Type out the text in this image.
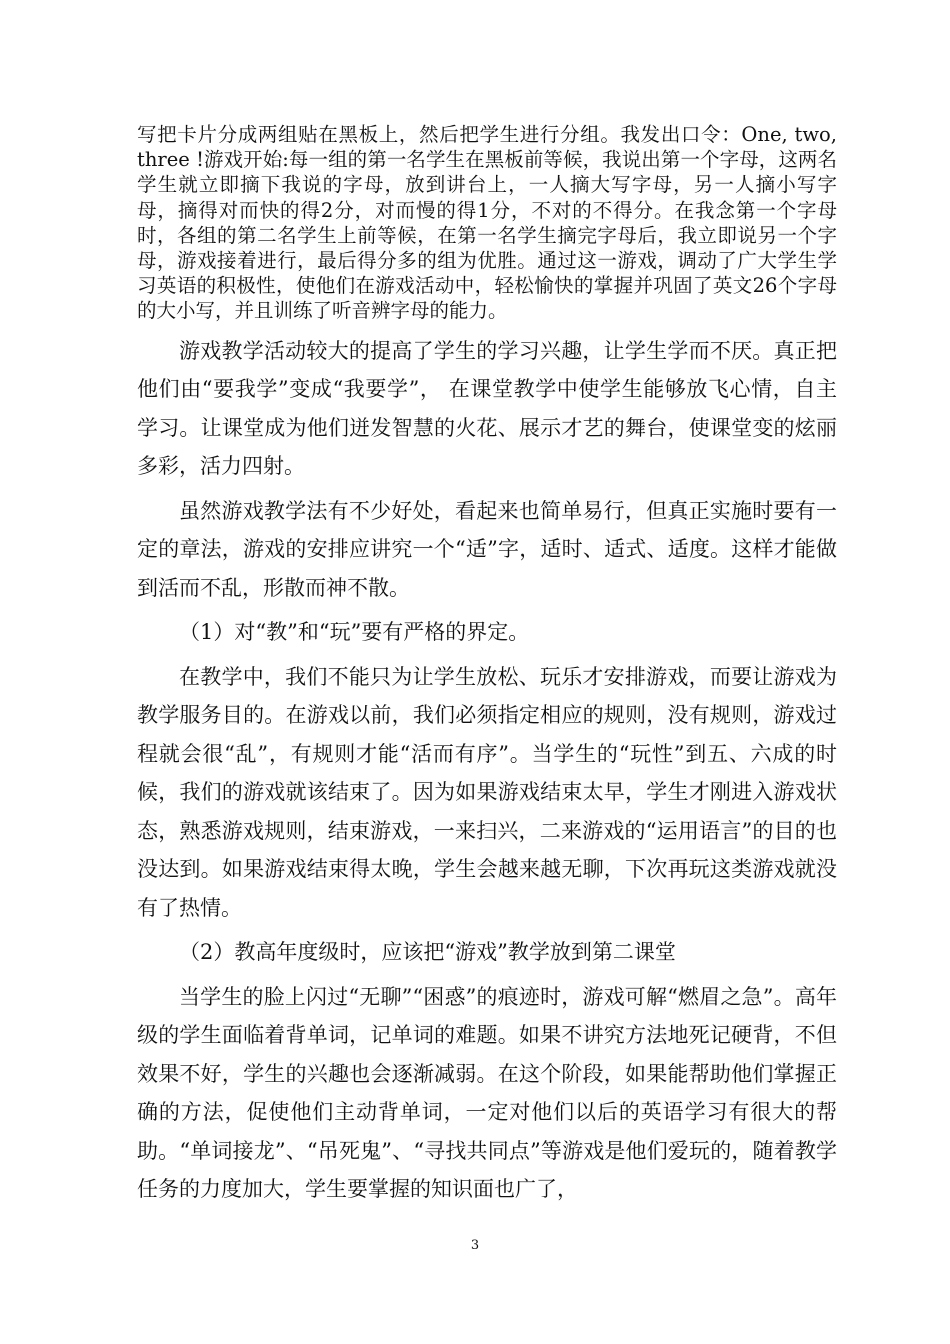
写把卡片分成两组贴在黑板上，然后把学生进行分组。我发出口令：One, two, three !游戏开始:每一组的第一名学生在黑板前等候，我说出第一个字母，这两名学生就立即摘下我说的字母，放到讲台上，一人摘大写字母，另一人摘小写字母，摘得对而快的得2分，对而慢的得1分，不对的不得分。在我念第一个字母时，各组的第二名学生上前等候，在第一名学生摘完字母后，我立即说另一个字母，游戏接着进行，最后得分多的组为优胜。通过这一游戏，调动了广大学生学习英语的积极性，使他们在游戏活动中，轻松愉快的掌握并巩固了英文26个字母的大小写，并且训练了听音辨字母的能力。

游戏教学活动较大的提高了学生的学习兴趣，让学生学而不厌。真正把他们由“要我学”变成“我要学”， 在课堂教学中使学生能够放飞心情，自主学习。让课堂成为他们迸发智慧的火花、展示才艺的舞台，使课堂变的炫丽多彩，活力四射。

虽然游戏教学法有不少好处，看起来也简单易行，但真正实施时要有一定的章法，游戏的安排应讲究一个“适”字，适时、适式、适度。这样才能做到活而不乱，形散而神不散。

（1）对“教”和“玩”要有严格的界定。

在教学中，我们不能只为让学生放松、玩乐才安排游戏，而要让游戏为教学服务目的。在游戏以前，我们必须指定相应的规则，没有规则，游戏过程就会很“乱”，有规则才能“活而有序”。当学生的“玩性”到五、六成的时候，我们的游戏就该结束了。因为如果游戏结束太早，学生才刚进入游戏状态，熟悉游戏规则，结束游戏，一来扫兴，二来游戏的“运用语言”的目的也没达到。如果游戏结束得太晚，学生会越来越无聊，下次再玩这类游戏就没有了热情。

（2）教高年度级时，应该把“游戏”教学放到第二课堂

当学生的脸上闪过“无聊”“困惑”的痕迹时，游戏可解“燃眉之急”。高年级的学生面临着背单词，记单词的难题。如果不讲究方法地死记硬背，不但效果不好，学生的兴趣也会逐渐减弱。在这个阶段，如果能帮助他们掌握正确的方法，促使他们主动背单词，一定对他们以后的英语学习有很大的帮助。“单词接龙”、“吊死鬼”、“寻找共同点”等游戏是他们爱玩的，随着教学任务的力度加大，学生要掌握的知识面也广了，

3
